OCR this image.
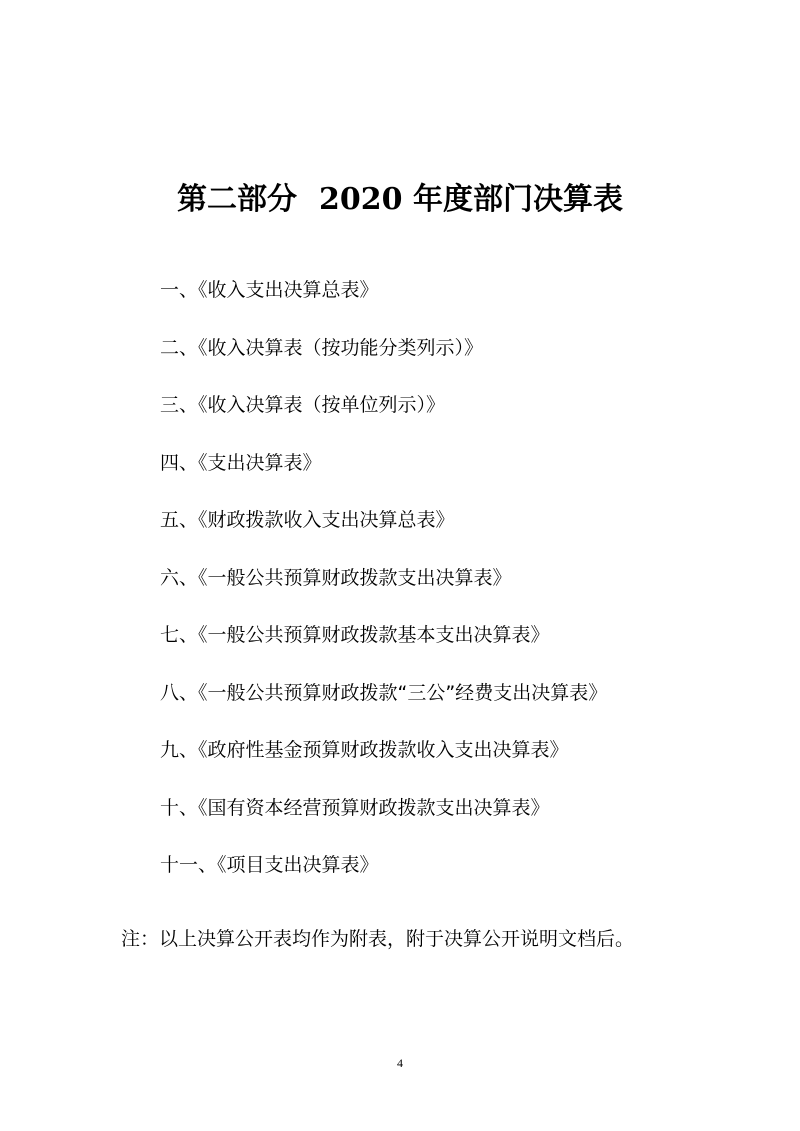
第二部分 2020 年度部门决算表
一、《收入支出决算总表》
二、《收入决算表（按功能分类列示）》
三、《收入决算表（按单位列示）》
四、《支出决算表》
五、《财政拨款收入支出决算总表》
六、《一般公共预算财政拨款支出决算表》
七、《一般公共预算财政拨款基本支出决算表》
八、《一般公共预算财政拨款“三公”经费支出决算表》
九、《政府性基金预算财政拨款收入支出决算表》
十、《国有资本经营预算财政拨款支出决算表》
十一、《项目支出决算表》

注：以上决算公开表均作为附表，附于决算公开说明文档后。

4
